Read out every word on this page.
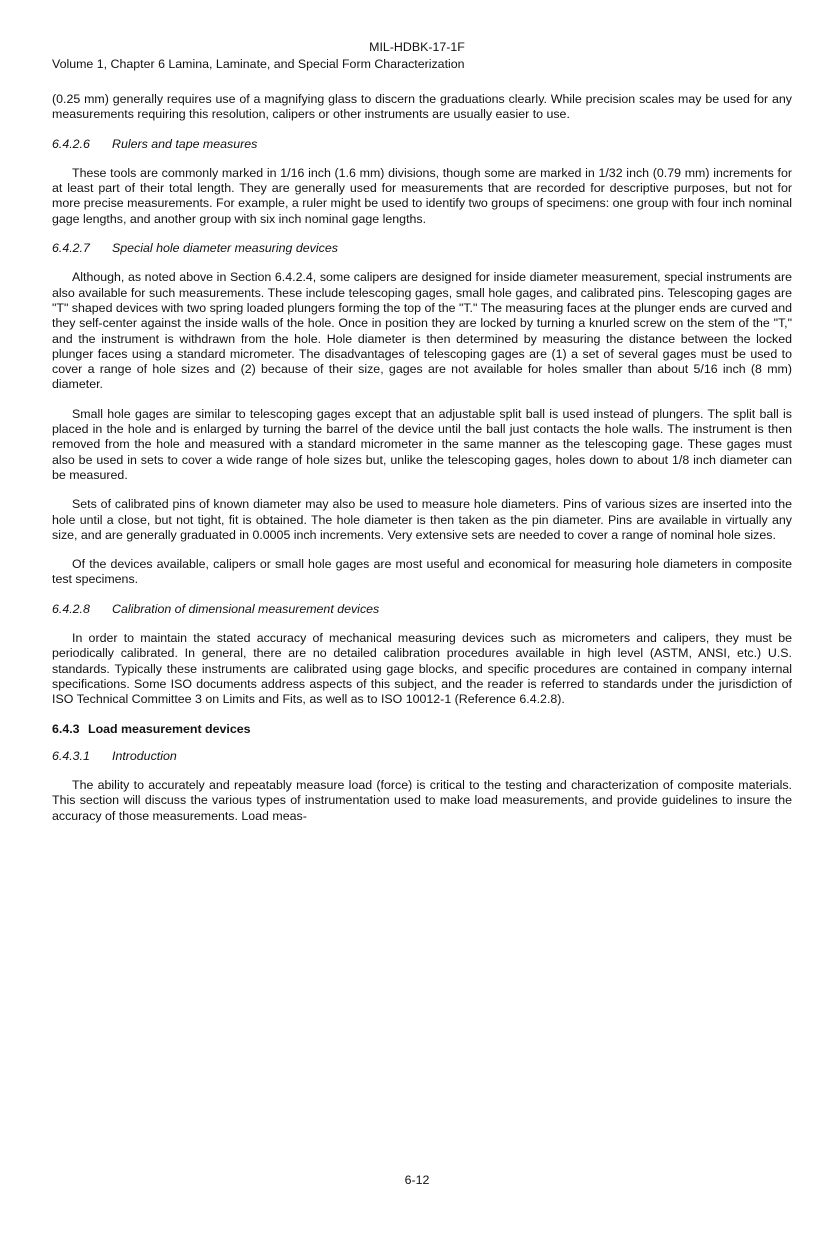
MIL-HDBK-17-1F
Volume 1, Chapter 6 Lamina, Laminate, and Special Form Characterization

(0.25 mm) generally requires use of a magnifying glass to discern the graduations clearly. While precision scales may be used for any measurements requiring this resolution, calipers or other instruments are usually easier to use.

6.4.2.6 Rulers and tape measures

These tools are commonly marked in 1/16 inch (1.6 mm) divisions, though some are marked in 1/32 inch (0.79 mm) increments for at least part of their total length. They are generally used for measurements that are recorded for descriptive purposes, but not for more precise measurements. For example, a ruler might be used to identify two groups of specimens: one group with four inch nominal gage lengths, and another group with six inch nominal gage lengths.

6.4.2.7 Special hole diameter measuring devices

Although, as noted above in Section 6.4.2.4, some calipers are designed for inside diameter measurement, special instruments are also available for such measurements. These include telescoping gages, small hole gages, and calibrated pins. Telescoping gages are "T" shaped devices with two spring loaded plungers forming the top of the "T." The measuring faces at the plunger ends are curved and they self-center against the inside walls of the hole. Once in position they are locked by turning a knurled screw on the stem of the "T," and the instrument is withdrawn from the hole. Hole diameter is then determined by measuring the distance between the locked plunger faces using a standard micrometer. The disadvantages of telescoping gages are (1) a set of several gages must be used to cover a range of hole sizes and (2) because of their size, gages are not available for holes smaller than about 5/16 inch (8 mm) diameter.

Small hole gages are similar to telescoping gages except that an adjustable split ball is used instead of plungers. The split ball is placed in the hole and is enlarged by turning the barrel of the device until the ball just contacts the hole walls. The instrument is then removed from the hole and measured with a standard micrometer in the same manner as the telescoping gage. These gages must also be used in sets to cover a wide range of hole sizes but, unlike the telescoping gages, holes down to about 1/8 inch diameter can be measured.

Sets of calibrated pins of known diameter may also be used to measure hole diameters. Pins of various sizes are inserted into the hole until a close, but not tight, fit is obtained. The hole diameter is then taken as the pin diameter. Pins are available in virtually any size, and are generally graduated in 0.0005 inch increments. Very extensive sets are needed to cover a range of nominal hole sizes.

Of the devices available, calipers or small hole gages are most useful and economical for measuring hole diameters in composite test specimens.

6.4.2.8 Calibration of dimensional measurement devices

In order to maintain the stated accuracy of mechanical measuring devices such as micrometers and calipers, they must be periodically calibrated. In general, there are no detailed calibration procedures available in high level (ASTM, ANSI, etc.) U.S. standards. Typically these instruments are calibrated using gage blocks, and specific procedures are contained in company internal specifications. Some ISO documents address aspects of this subject, and the reader is referred to standards under the jurisdiction of ISO Technical Committee 3 on Limits and Fits, as well as to ISO 10012-1 (Reference 6.4.2.8).

6.4.3 Load measurement devices
6.4.3.1 Introduction

The ability to accurately and repeatably measure load (force) is critical to the testing and characterization of composite materials. This section will discuss the various types of instrumentation used to make load measurements, and provide guidelines to insure the accuracy of those measurements. Load meas-

6-12
